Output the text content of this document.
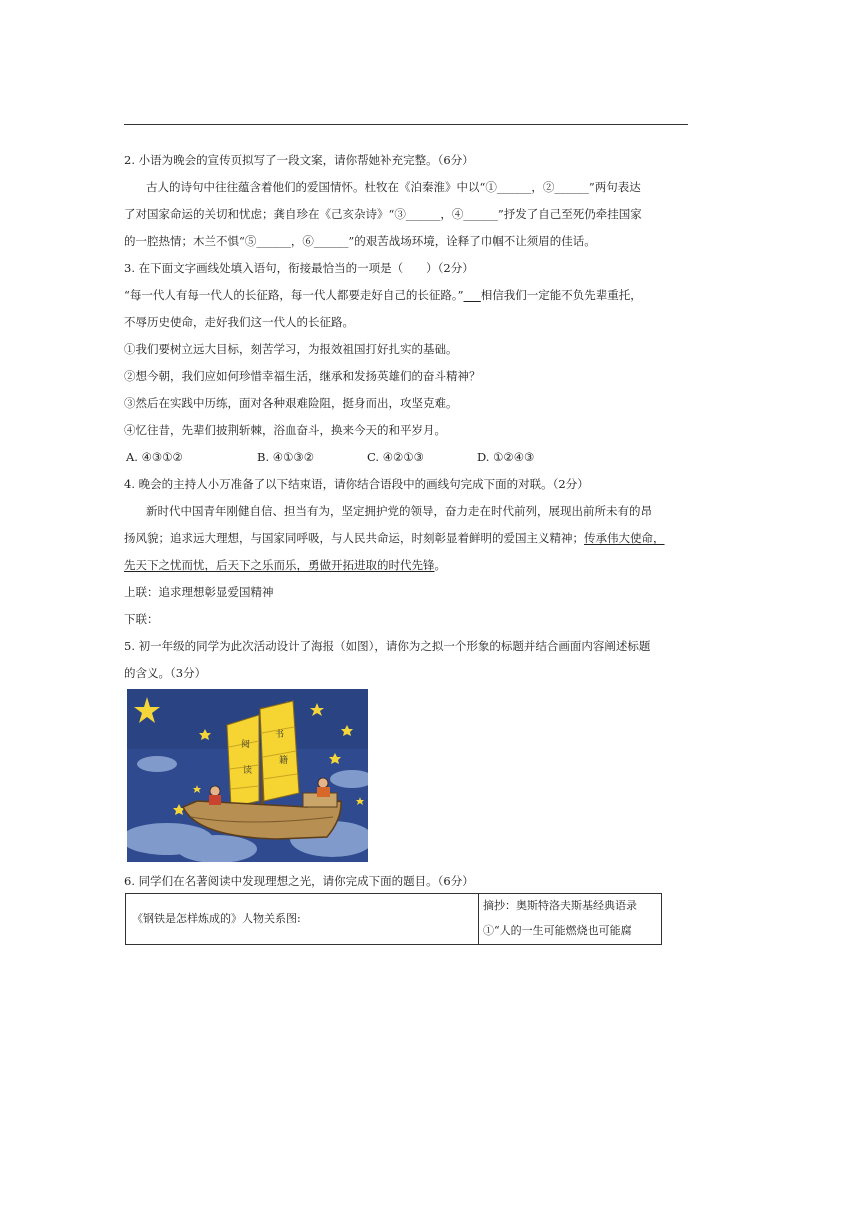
2. 小语为晚会的宣传页拟写了一段文案，请你帮她补充完整。（6分）
古人的诗句中往往蕴含着他们的爱国情怀。杜牧在《泊秦淮》中以“①______，②______”两句表达
了对国家命运的关切和忧虑；龚自珍在《己亥杂诗》“③______，④______”抒发了自己至死仍牵挂国家
的一腔热情；木兰不惧“⑤______，⑥______”的艰苦战场环境，诠释了巾帼不让须眉的佳话。
3. 在下面文字画线处填入语句，衔接最恰当的一项是（　　）（2分）
“每一代人有每一代人的长征路，每一代人都要走好自己的长征路。”___相信我们一定能不负先辈重托，
不辱历史使命，走好我们这一代人的长征路。
①我们要树立远大目标，刻苦学习，为报效祖国打好扎实的基础。
②想今朝，我们应如何珍惜幸福生活，继承和发扬英雄们的奋斗精神？
③然后在实践中历练，面对各种艰难险阻，挺身而出，攻坚克难。
④忆往昔，先辈们披荆斩棘，浴血奋斗，换来今天的和平岁月。
A. ④③①②	B. ④①③②	C. ④②①③	D. ①②④③
4. 晚会的主持人小万准备了以下结束语，请你结合语段中的画线句完成下面的对联。（2分）
新时代中国青年刚健自信、担当有为，坚定拥护党的领导，奋力走在时代前列，展现出前所未有的昂
扬风貌；追求远大理想，与国家同呼吸，与人民共命运，时刻彰显着鲜明的爱国主义精神；传承伟大使命，
先天下之忧而忧，后天下之乐而乐，勇做开拓进取的时代先锋。
上联：追求理想彰显爱国精神
下联：
5. 初一年级的同学为此次活动设计了海报（如图），请你为之拟一个形象的标题并结合画面内容阐述标题
的含义。（3分）
阅
读
书
籍
6. 同学们在名著阅读中发现理想之光，请你完成下面的题目。（6分）
《钢铁是怎样炼成的》人物关系图:
摘抄：奥斯特洛夫斯基经典语录
①“人的一生可能燃烧也可能腐
